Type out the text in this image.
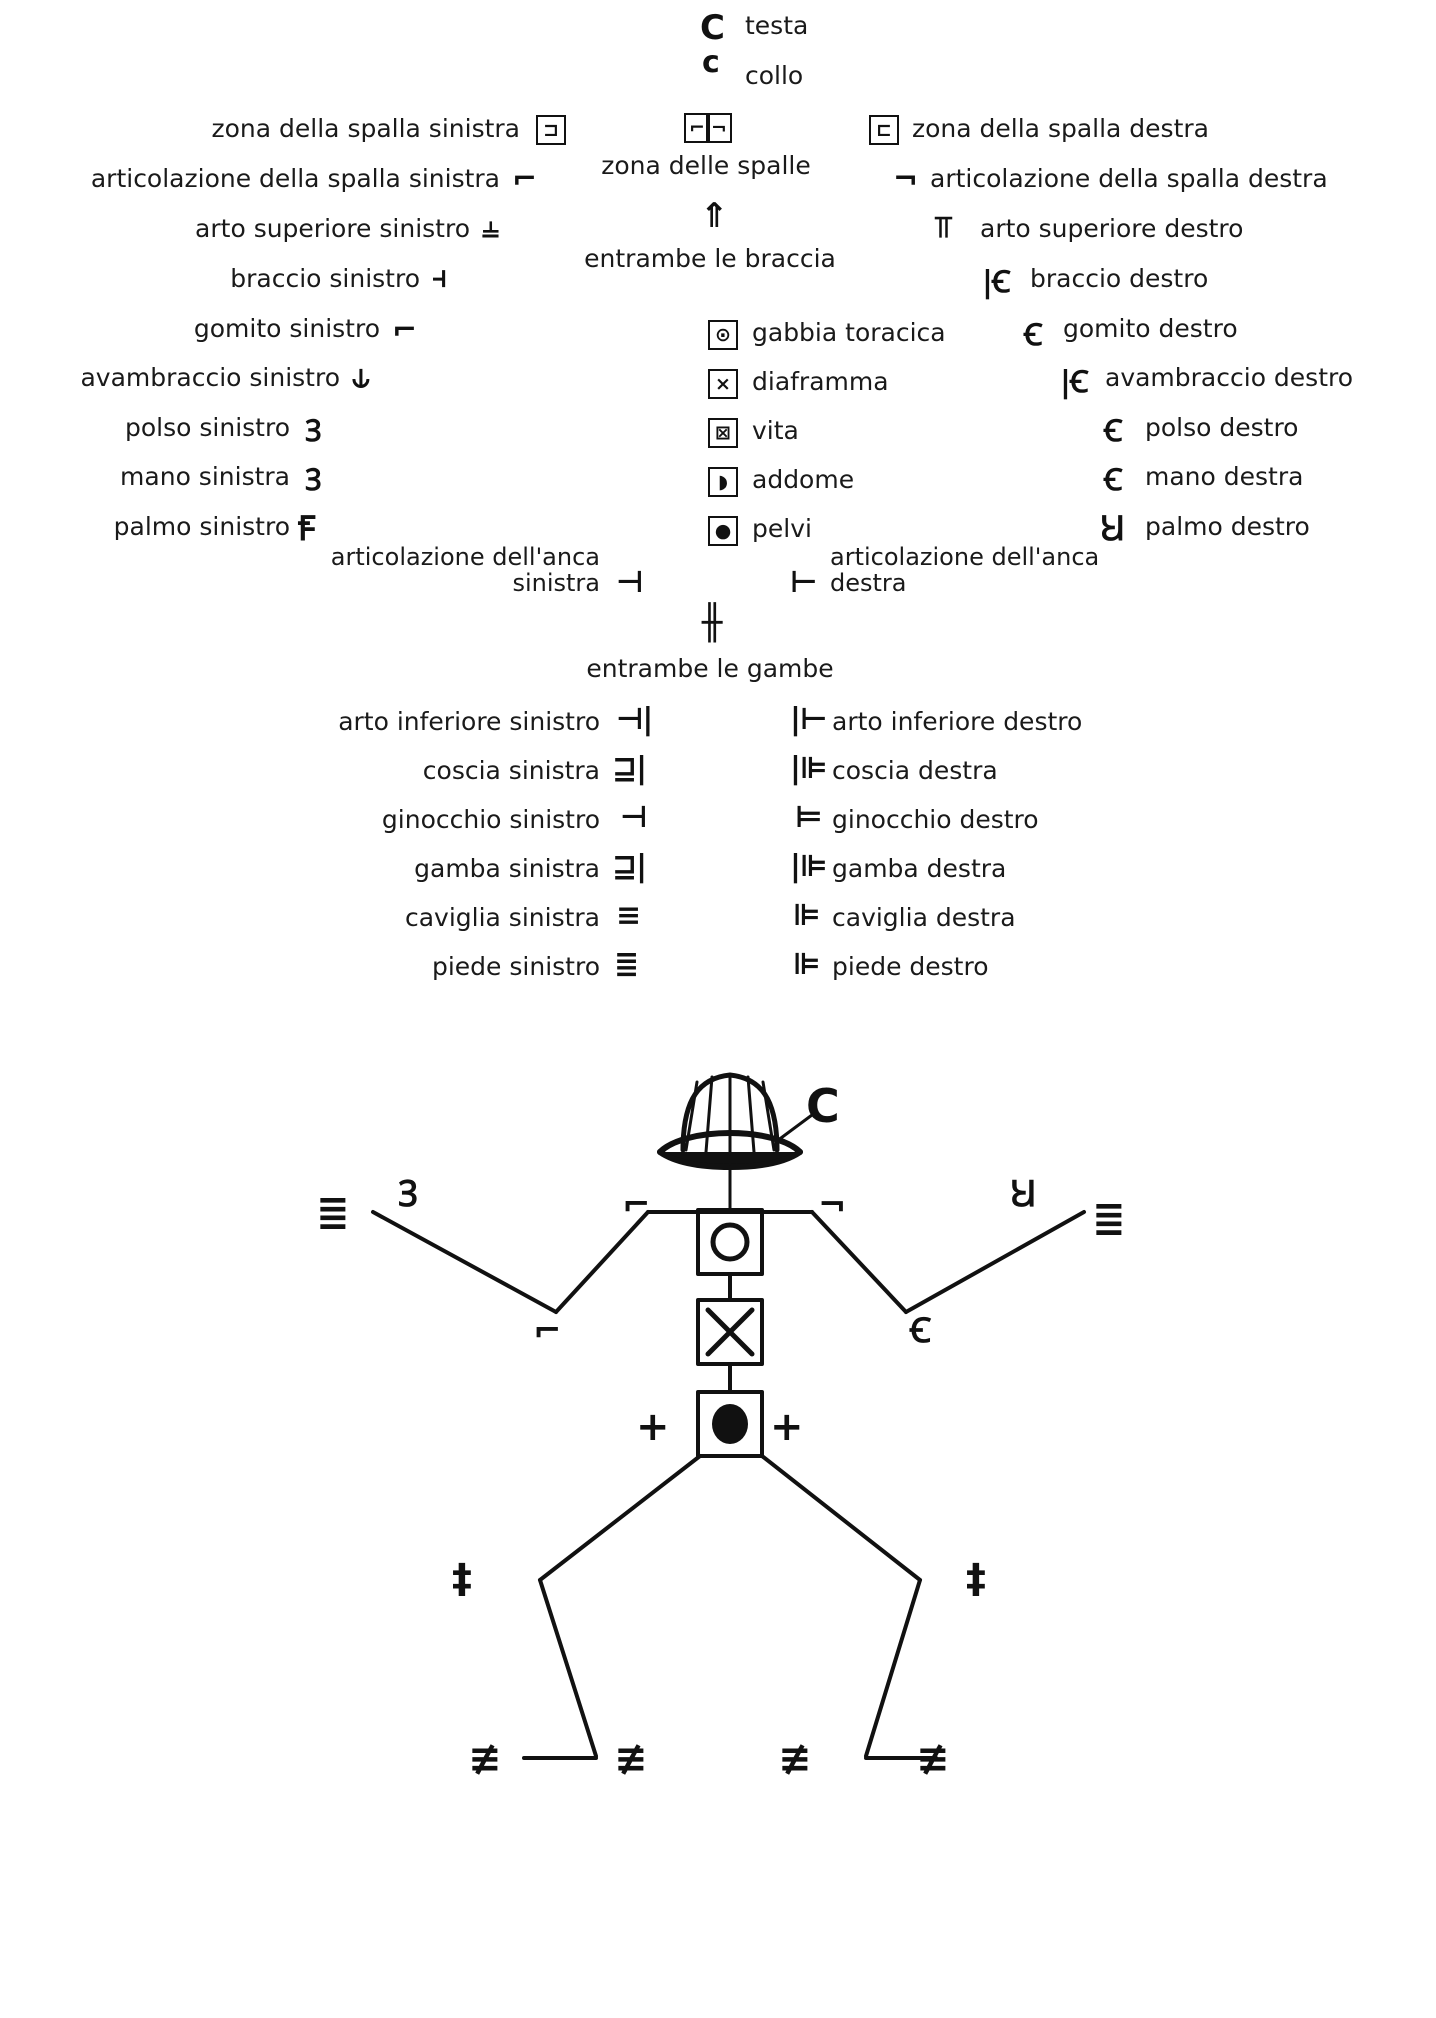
C testa
c collo
⌐ ¬
zona delle spalle
⇑
entrambe le braccia
⊙ gabbia toracica
× diaframma
⊠ vita
◗ addome
● pelvi
╫
entrambe le gambe
zona della spalla sinistra	⊐
articolazione della spalla sinistra ⌐
arto superiore sinistro ⫨
braccio sinistro ⫞
gomito sinistro ⌐
avambraccio sinistro ⫝
polso sinistro Ꝫ
mano sinistra Ꝫ
palmo sinistro Ꞙ
articolazione dell'anca sinistra ⊣
arto inferiore sinistro ⊣|
coscia sinistra ⊒|
ginocchio sinistro ⊣
gamba sinistra ⊒|
caviglia sinistra ≡
piede sinistro ≣
⊏ zona della spalla destra
¬ articolazione della spalla destra
⫪ arto superiore destro
|Ꞓ braccio destro
Ꞓ gomito destro
|Ꞓ avambraccio destro
Ꞓ polso destro
Ꞓ mano destra
Ꞟ palmo destro
⊢
articolazione dell'anca destra
|⊢ arto inferiore destro
|⊫ coscia destra
⊨ ginocchio destro
|⊫ gamba destra
⊫ caviglia destra
⊫ piede destro
C
⌐	¬
⌐	Ꞓ
Ꝫ	Ꞟ
≣	≣
+	+
‡	‡
≢	≢	≢	≢
